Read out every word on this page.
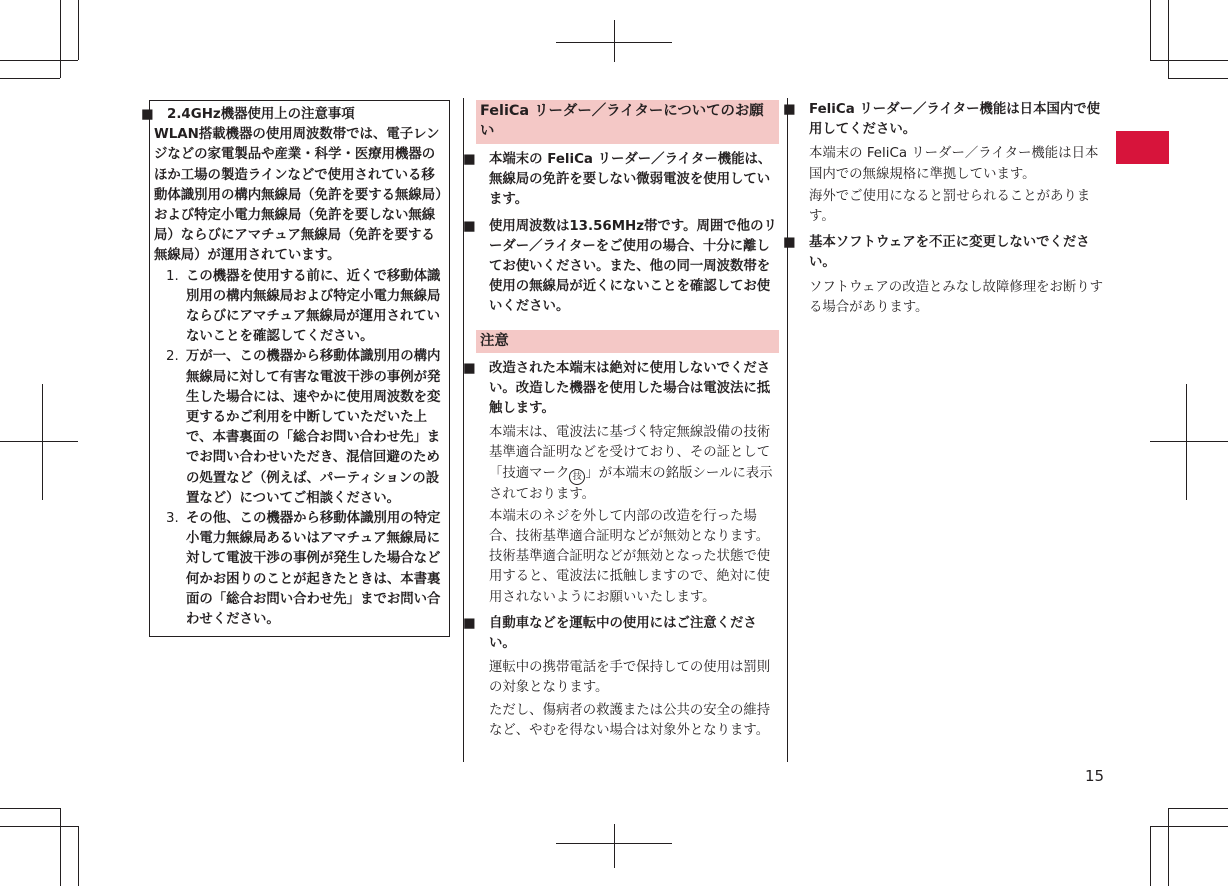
■ 2.4GHz機器使用上の注意事項

WLAN搭載機器の使用周波数帯では、電子レンジなどの家電製品や産業・科学・医療用機器のほか工場の製造ラインなどで使用されている移動体識別用の構内無線局（免許を要する無線局）および特定小電力無線局（免許を要しない無線局）ならびにアマチュア無線局（免許を要する無線局）が運用されています。

1. この機器を使用する前に、近くで移動体識別用の構内無線局および特定小電力無線局ならびにアマチュア無線局が運用されていないことを確認してください。
2. 万が一、この機器から移動体識別用の構内無線局に対して有害な電波干渉の事例が発生した場合には、速やかに使用周波数を変更するかご利用を中断していただいた上で、本書裏面の「総合お問い合わせ先」までお問い合わせいただき、混信回避のための処置など（例えば、パーティションの設置など）についてご相談ください。
3. その他、この機器から移動体識別用の特定小電力無線局あるいはアマチュア無線局に対して電波干渉の事例が発生した場合など何かお困りのことが起きたときは、本書裏面の「総合お問い合わせ先」までお問い合わせください。
FeliCa リーダー／ライターについてのお願い
■ 本端末の FeliCa リーダー／ライター機能は、無線局の免許を要しない微弱電波を使用しています。
■ 使用周波数は13.56MHz帯です。周囲で他のリーダー／ライターをご使用の場合、十分に離してお使いください。また、他の同一周波数帯を使用の無線局が近くにないことを確認してお使いください。
注意
■ 改造された本端末は絶対に使用しないでください。改造した機器を使用した場合は電波法に抵触します。
本端末は、電波法に基づく特定無線設備の技術基準適合証明などを受けており、その証として「技適マーク 技 」が本端末の銘版シールに表示されております。
本端末のネジを外して内部の改造を行った場合、技術基準適合証明などが無効となります。技術基準適合証明などが無効となった状態で使用すると、電波法に抵触しますので、絶対に使用されないようにお願いいたします。
■ 自動車などを運転中の使用にはご注意ください。
運転中の携帯電話を手で保持しての使用は罰則の対象となります。
ただし、傷病者の救護または公共の安全の維持など、やむを得ない場合は対象外となります。
■ FeliCa リーダー／ライター機能は日本国内で使用してください。
本端末の FeliCa リーダー／ライター機能は日本国内での無線規格に準拠しています。
海外でご使用になると罰せられることがあります。
■ 基本ソフトウェアを不正に変更しないでください。
ソフトウェアの改造とみなし故障修理をお断りする場合があります。
15
